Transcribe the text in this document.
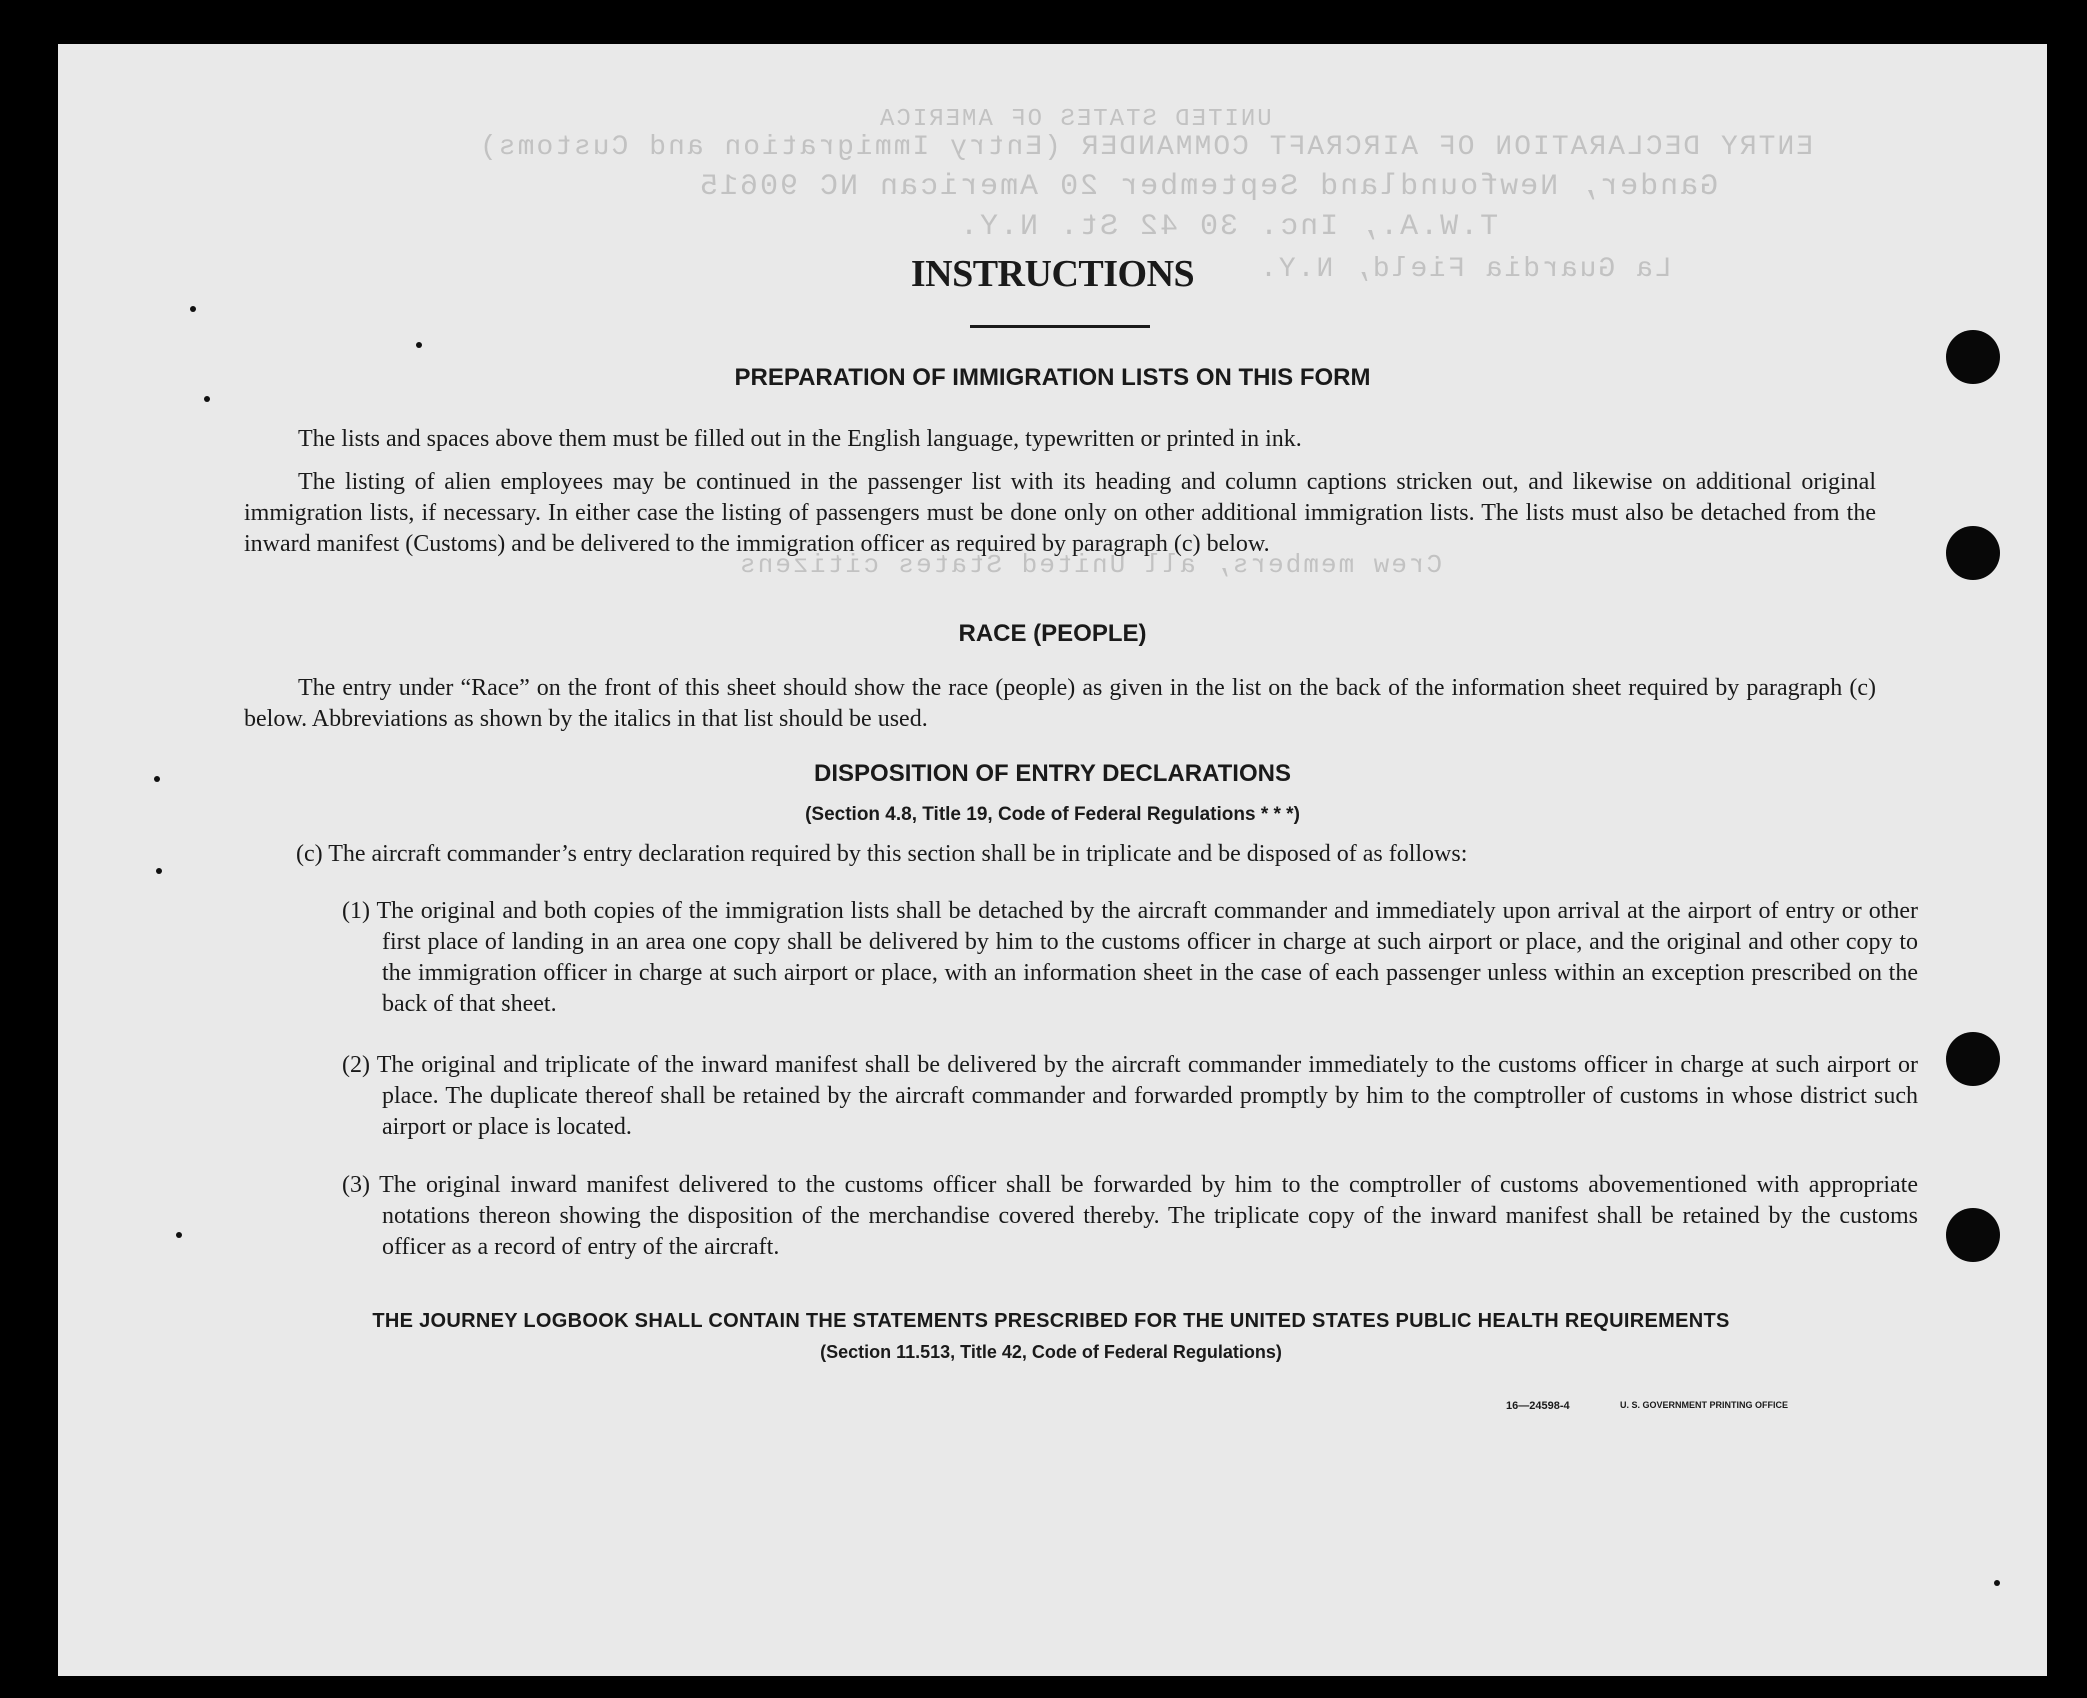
UNITED STATES OF AMERICA
ENTRY DECLARATION OF AIRCRAFT COMMANDER (Entry Immigration and Customs)
Gander, Newfoundland September 20 American NC 90615
T.W.A., Inc. 30 42 St. N.Y.
La Guardia Field, N.Y.
Crew members, all United States citizens
INSTRUCTIONS
PREPARATION OF IMMIGRATION LISTS ON THIS FORM
The lists and spaces above them must be filled out in the English language, typewritten or printed in ink.
The listing of alien employees may be continued in the passenger list with its heading and column captions stricken out, and likewise on additional original immigration lists, if necessary. In either case the listing of passengers must be done only on other additional immigration lists. The lists must also be detached from the inward manifest (Customs) and be delivered to the immigration officer as required by paragraph (c) below.
RACE (PEOPLE)
The entry under “Race” on the front of this sheet should show the race (people) as given in the list on the back of the information sheet required by paragraph (c) below. Abbreviations as shown by the italics in that list should be used.
DISPOSITION OF ENTRY DECLARATIONS
(Section 4.8, Title 19, Code of Federal Regulations * * *)
(c) The aircraft commander’s entry declaration required by this section shall be in triplicate and be disposed of as follows:
(1) The original and both copies of the immigration lists shall be detached by the aircraft commander and immediately upon arrival at the airport of entry or other first place of landing in an area one copy shall be delivered by him to the customs officer in charge at such airport or place, and the original and other copy to the immigration officer in charge at such airport or place, with an information sheet in the case of each passenger unless within an exception prescribed on the back of that sheet.
(2) The original and triplicate of the inward manifest shall be delivered by the aircraft commander immediately to the customs officer in charge at such airport or place. The duplicate thereof shall be retained by the aircraft commander and forwarded promptly by him to the comptroller of customs in whose district such airport or place is located.
(3) The original inward manifest delivered to the customs officer shall be forwarded by him to the comptroller of customs abovementioned with appropriate notations thereon showing the disposition of the merchandise covered thereby. The triplicate copy of the inward manifest shall be retained by the customs officer as a record of entry of the aircraft.
THE JOURNEY LOGBOOK SHALL CONTAIN THE STATEMENTS PRESCRIBED FOR THE UNITED STATES PUBLIC HEALTH REQUIREMENTS
(Section 11.513, Title 42, Code of Federal Regulations)
16—24598-4	U. S. GOVERNMENT PRINTING OFFICE
